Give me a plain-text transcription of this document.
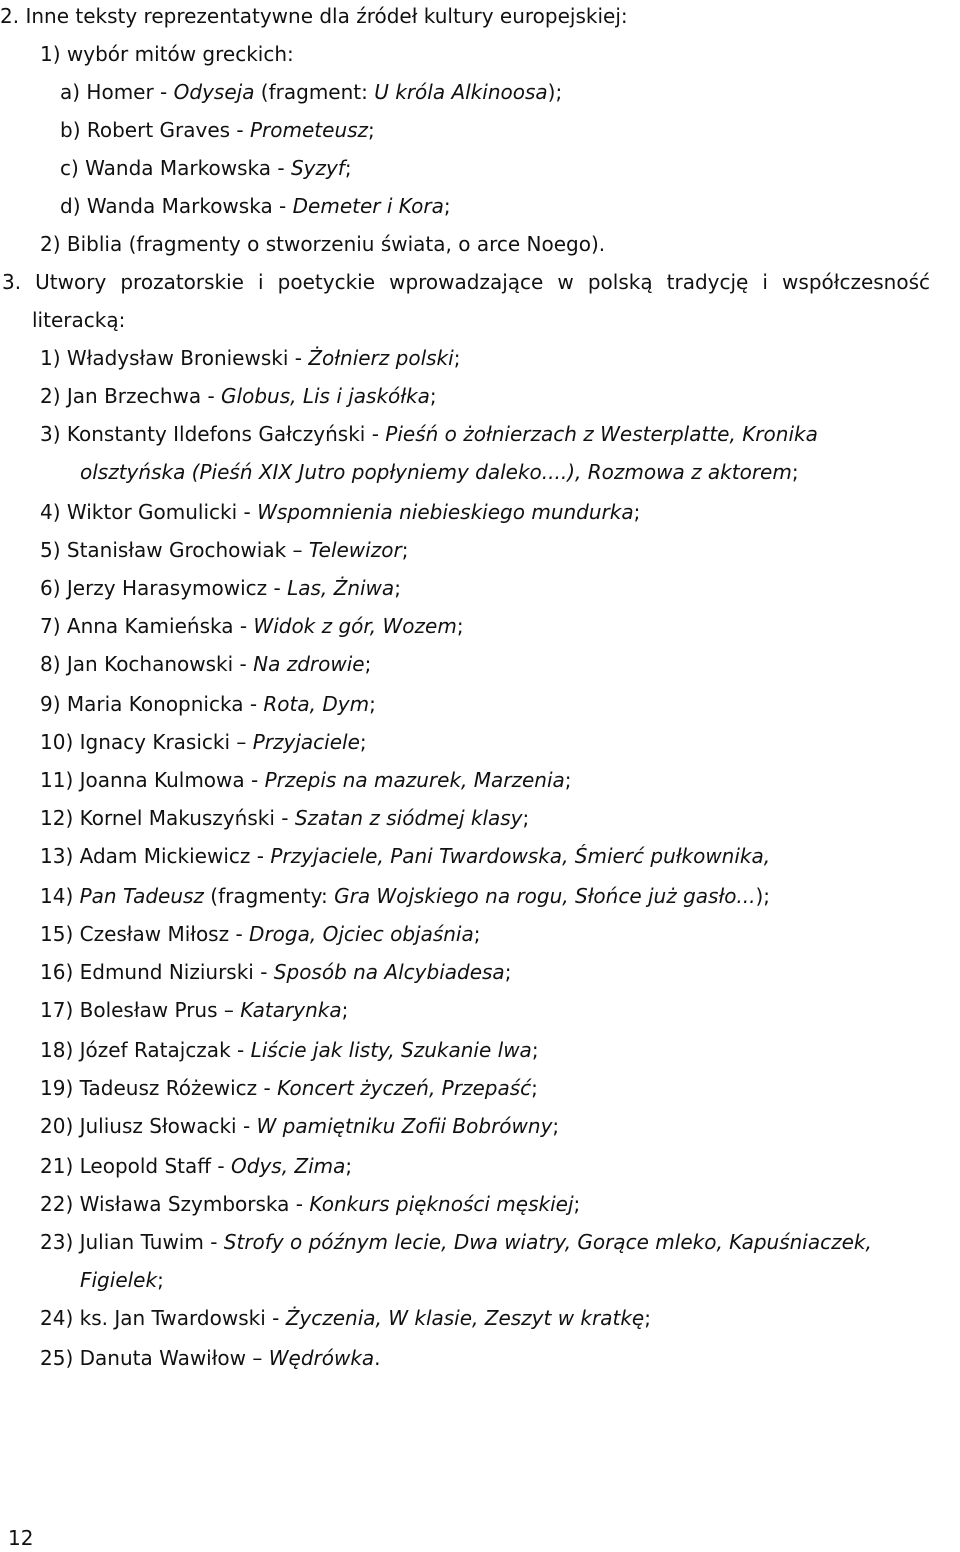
2. Inne teksty reprezentatywne dla źródeł kultury europejskiej:
1) wybór mitów greckich:
a) Homer - Odyseja (fragment: U króla Alkinoosa);
b) Robert Graves - Prometeusz;
c) Wanda Markowska - Syzyf;
d) Wanda Markowska - Demeter i Kora;
2) Biblia (fragmenty o stworzeniu świata, o arce Noego).
3. Utwory prozatorskie i poetyckie wprowadzające w polską tradycję i współczesność
literacką:
1) Władysław Broniewski - Żołnierz polski;
2) Jan Brzechwa - Globus, Lis i jaskółka;
3) Konstanty Ildefons Gałczyński - Pieśń o żołnierzach z Westerplatte, Kronika
olsztyńska (Pieśń XIX Jutro popłyniemy daleko....), Rozmowa z aktorem;
4) Wiktor Gomulicki - Wspomnienia niebieskiego mundurka;
5) Stanisław Grochowiak – Telewizor;
6) Jerzy Harasymowicz - Las, Żniwa;
7) Anna Kamieńska - Widok z gór, Wozem;
8) Jan Kochanowski - Na zdrowie;
9) Maria Konopnicka - Rota, Dym;
10) Ignacy Krasicki – Przyjaciele;
11) Joanna Kulmowa - Przepis na mazurek, Marzenia;
12) Kornel Makuszyński - Szatan z siódmej klasy;
13) Adam Mickiewicz - Przyjaciele, Pani Twardowska, Śmierć pułkownika,
14) Pan Tadeusz (fragmenty: Gra Wojskiego na rogu, Słońce już gasło...);
15) Czesław Miłosz - Droga, Ojciec objaśnia;
16) Edmund Niziurski - Sposób na Alcybiadesa;
17) Bolesław Prus – Katarynka;
18) Józef Ratajczak - Liście jak listy, Szukanie lwa;
19) Tadeusz Różewicz - Koncert życzeń, Przepaść;
20) Juliusz Słowacki - W pamiętniku Zofii Bobrówny;
21) Leopold Staff - Odys, Zima;
22) Wisława Szymborska - Konkurs piękności męskiej;
23) Julian Tuwim - Strofy o późnym lecie, Dwa wiatry, Gorące mleko, Kapuśniaczek,
Figielek;
24) ks. Jan Twardowski - Życzenia, W klasie, Zeszyt w kratkę;
25) Danuta Wawiłow – Wędrówka.
12
